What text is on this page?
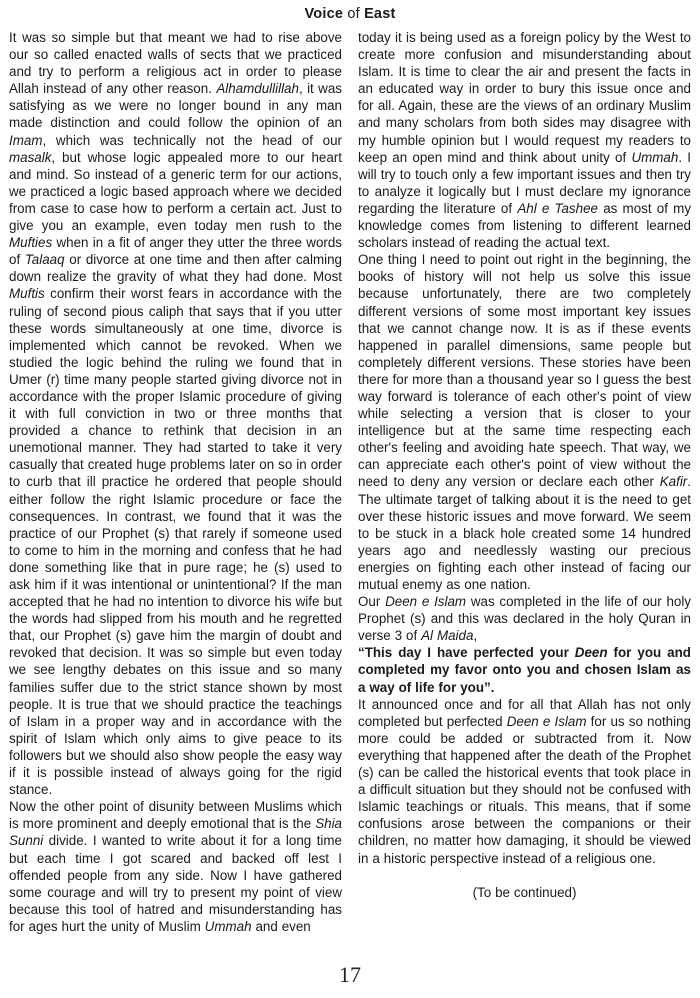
Voice of East

It was so simple but that meant we had to rise above our so called enacted walls of sects that we practiced and try to perform a religious act in order to please Allah instead of any other reason. Alhamdullillah, it was satisfying as we were no longer bound in any man made distinction and could follow the opinion of an Imam, which was technically not the head of our masalk, but whose logic appealed more to our heart and mind. So instead of a generic term for our actions, we practiced a logic based approach where we decided from case to case how to perform a certain act. Just to give you an example, even today men rush to the Mufties when in a fit of anger they utter the three words of Talaaq or divorce at one time and then after calming down realize the gravity of what they had done. Most Muftis confirm their worst fears in accordance with the ruling of second pious caliph that says that if you utter these words simultaneously at one time, divorce is implemented which cannot be revoked. When we studied the logic behind the ruling we found that in Umer (r) time many people started giving divorce not in accordance with the proper Islamic procedure of giving it with full conviction in two or three months that provided a chance to rethink that decision in an unemotional manner. They had started to take it very casually that created huge problems later on so in order to curb that ill practice he ordered that people should either follow the right Islamic procedure or face the consequences. In contrast, we found that it was the practice of our Prophet (s) that rarely if someone used to come to him in the morning and confess that he had done something like that in pure rage; he (s) used to ask him if it was intentional or unintentional? If the man accepted that he had no intention to divorce his wife but the words had slipped from his mouth and he regretted that, our Prophet (s) gave him the margin of doubt and revoked that decision. It was so simple but even today we see lengthy debates on this issue and so many families suffer due to the strict stance shown by most people. It is true that we should practice the teachings of Islam in a proper way and in accordance with the spirit of Islam which only aims to give peace to its followers but we should also show people the easy way if it is possible instead of always going for the rigid stance.

Now the other point of disunity between Muslims which is more prominent and deeply emotional that is the Shia Sunni divide. I wanted to write about it for a long time but each time I got scared and backed off lest I offended people from any side. Now I have gathered some courage and will try to present my point of view because this tool of hatred and misunderstanding has for ages hurt the unity of Muslim Ummah and even

today it is being used as a foreign policy by the West to create more confusion and misunderstanding about Islam. It is time to clear the air and present the facts in an educated way in order to bury this issue once and for all. Again, these are the views of an ordinary Muslim and many scholars from both sides may disagree with my humble opinion but I would request my readers to keep an open mind and think about unity of Ummah. I will try to touch only a few important issues and then try to analyze it logically but I must declare my ignorance regarding the literature of Ahl e Tashee as most of my knowledge comes from listening to different learned scholars instead of reading the actual text.

One thing I need to point out right in the beginning, the books of history will not help us solve this issue because unfortunately, there are two completely different versions of some most important key issues that we cannot change now. It is as if these events happened in parallel dimensions, same people but completely different versions. These stories have been there for more than a thousand year so I guess the best way forward is tolerance of each other's point of view while selecting a version that is closer to your intelligence but at the same time respecting each other's feeling and avoiding hate speech. That way, we can appreciate each other's point of view without the need to deny any version or declare each other Kafir. The ultimate target of talking about it is the need to get over these historic issues and move forward. We seem to be stuck in a black hole created some 14 hundred years ago and needlessly wasting our precious energies on fighting each other instead of facing our mutual enemy as one nation.

Our Deen e Islam was completed in the life of our holy Prophet (s) and this was declared in the holy Quran in verse 3 of Al Maida,

“This day I have perfected your Deen for you and completed my favor onto you and chosen Islam as a way of life for you”.

It announced once and for all that Allah has not only completed but perfected Deen e Islam for us so nothing more could be added or subtracted from it. Now everything that happened after the death of the Prophet (s) can be called the historical events that took place in a difficult situation but they should not be confused with Islamic teachings or rituals. This means, that if some confusions arose between the companions or their children, no matter how damaging, it should be viewed in a historic perspective instead of a religious one.

(To be continued)

17
